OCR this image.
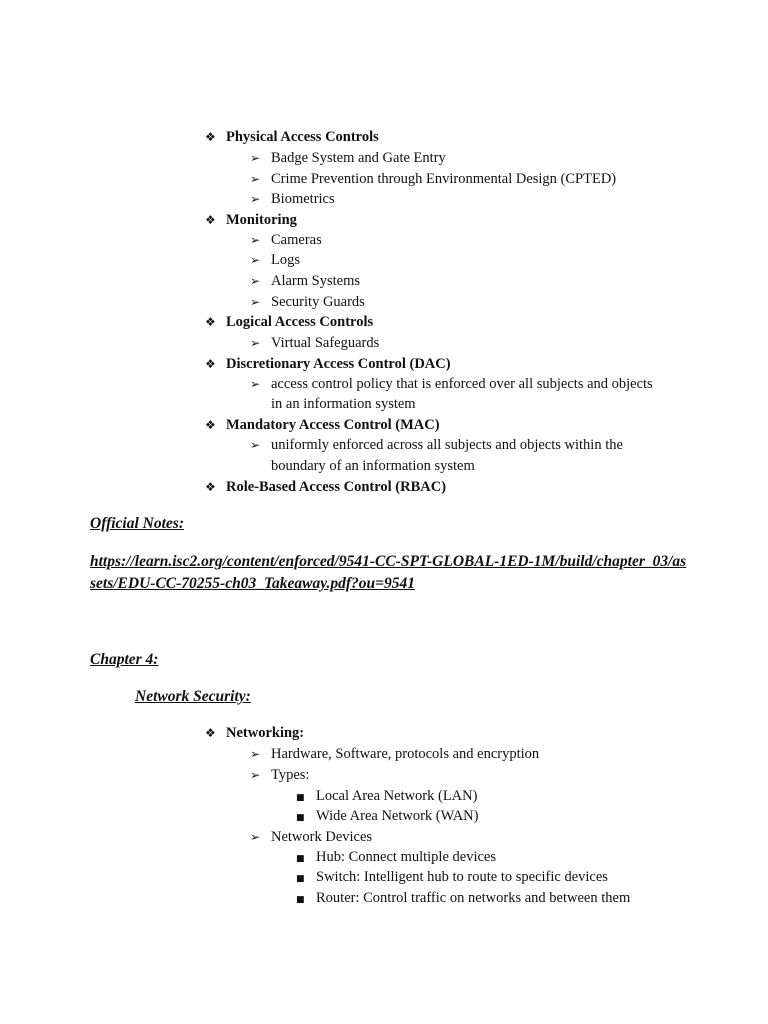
❖ Physical Access Controls
➢ Badge System and Gate Entry
➢ Crime Prevention through Environmental Design (CPTED)
➢ Biometrics
❖ Monitoring
➢ Cameras
➢ Logs
➢ Alarm Systems
➢ Security Guards
❖ Logical Access Controls
➢ Virtual Safeguards
❖ Discretionary Access Control (DAC)
➢ access control policy that is enforced over all subjects and objects
in an information system
❖ Mandatory Access Control (MAC)
➢ uniformly enforced across all subjects and objects within the
boundary of an information system
❖ Role-Based Access Control (RBAC)
Official Notes:
https://learn.isc2.org/content/enforced/9541-CC-SPT-GLOBAL-1ED-1M/build/chapter_03/assets/EDU-CC-70255-ch03_Takeaway.pdf?ou=9541
Chapter 4:
Network Security:
❖ Networking:
➢ Hardware, Software, protocols and encryption
➢ Types:
■ Local Area Network (LAN)
■ Wide Area Network (WAN)
➢ Network Devices
■ Hub: Connect multiple devices
■ Switch: Intelligent hub to route to specific devices
■ Router: Control traffic on networks and between them
